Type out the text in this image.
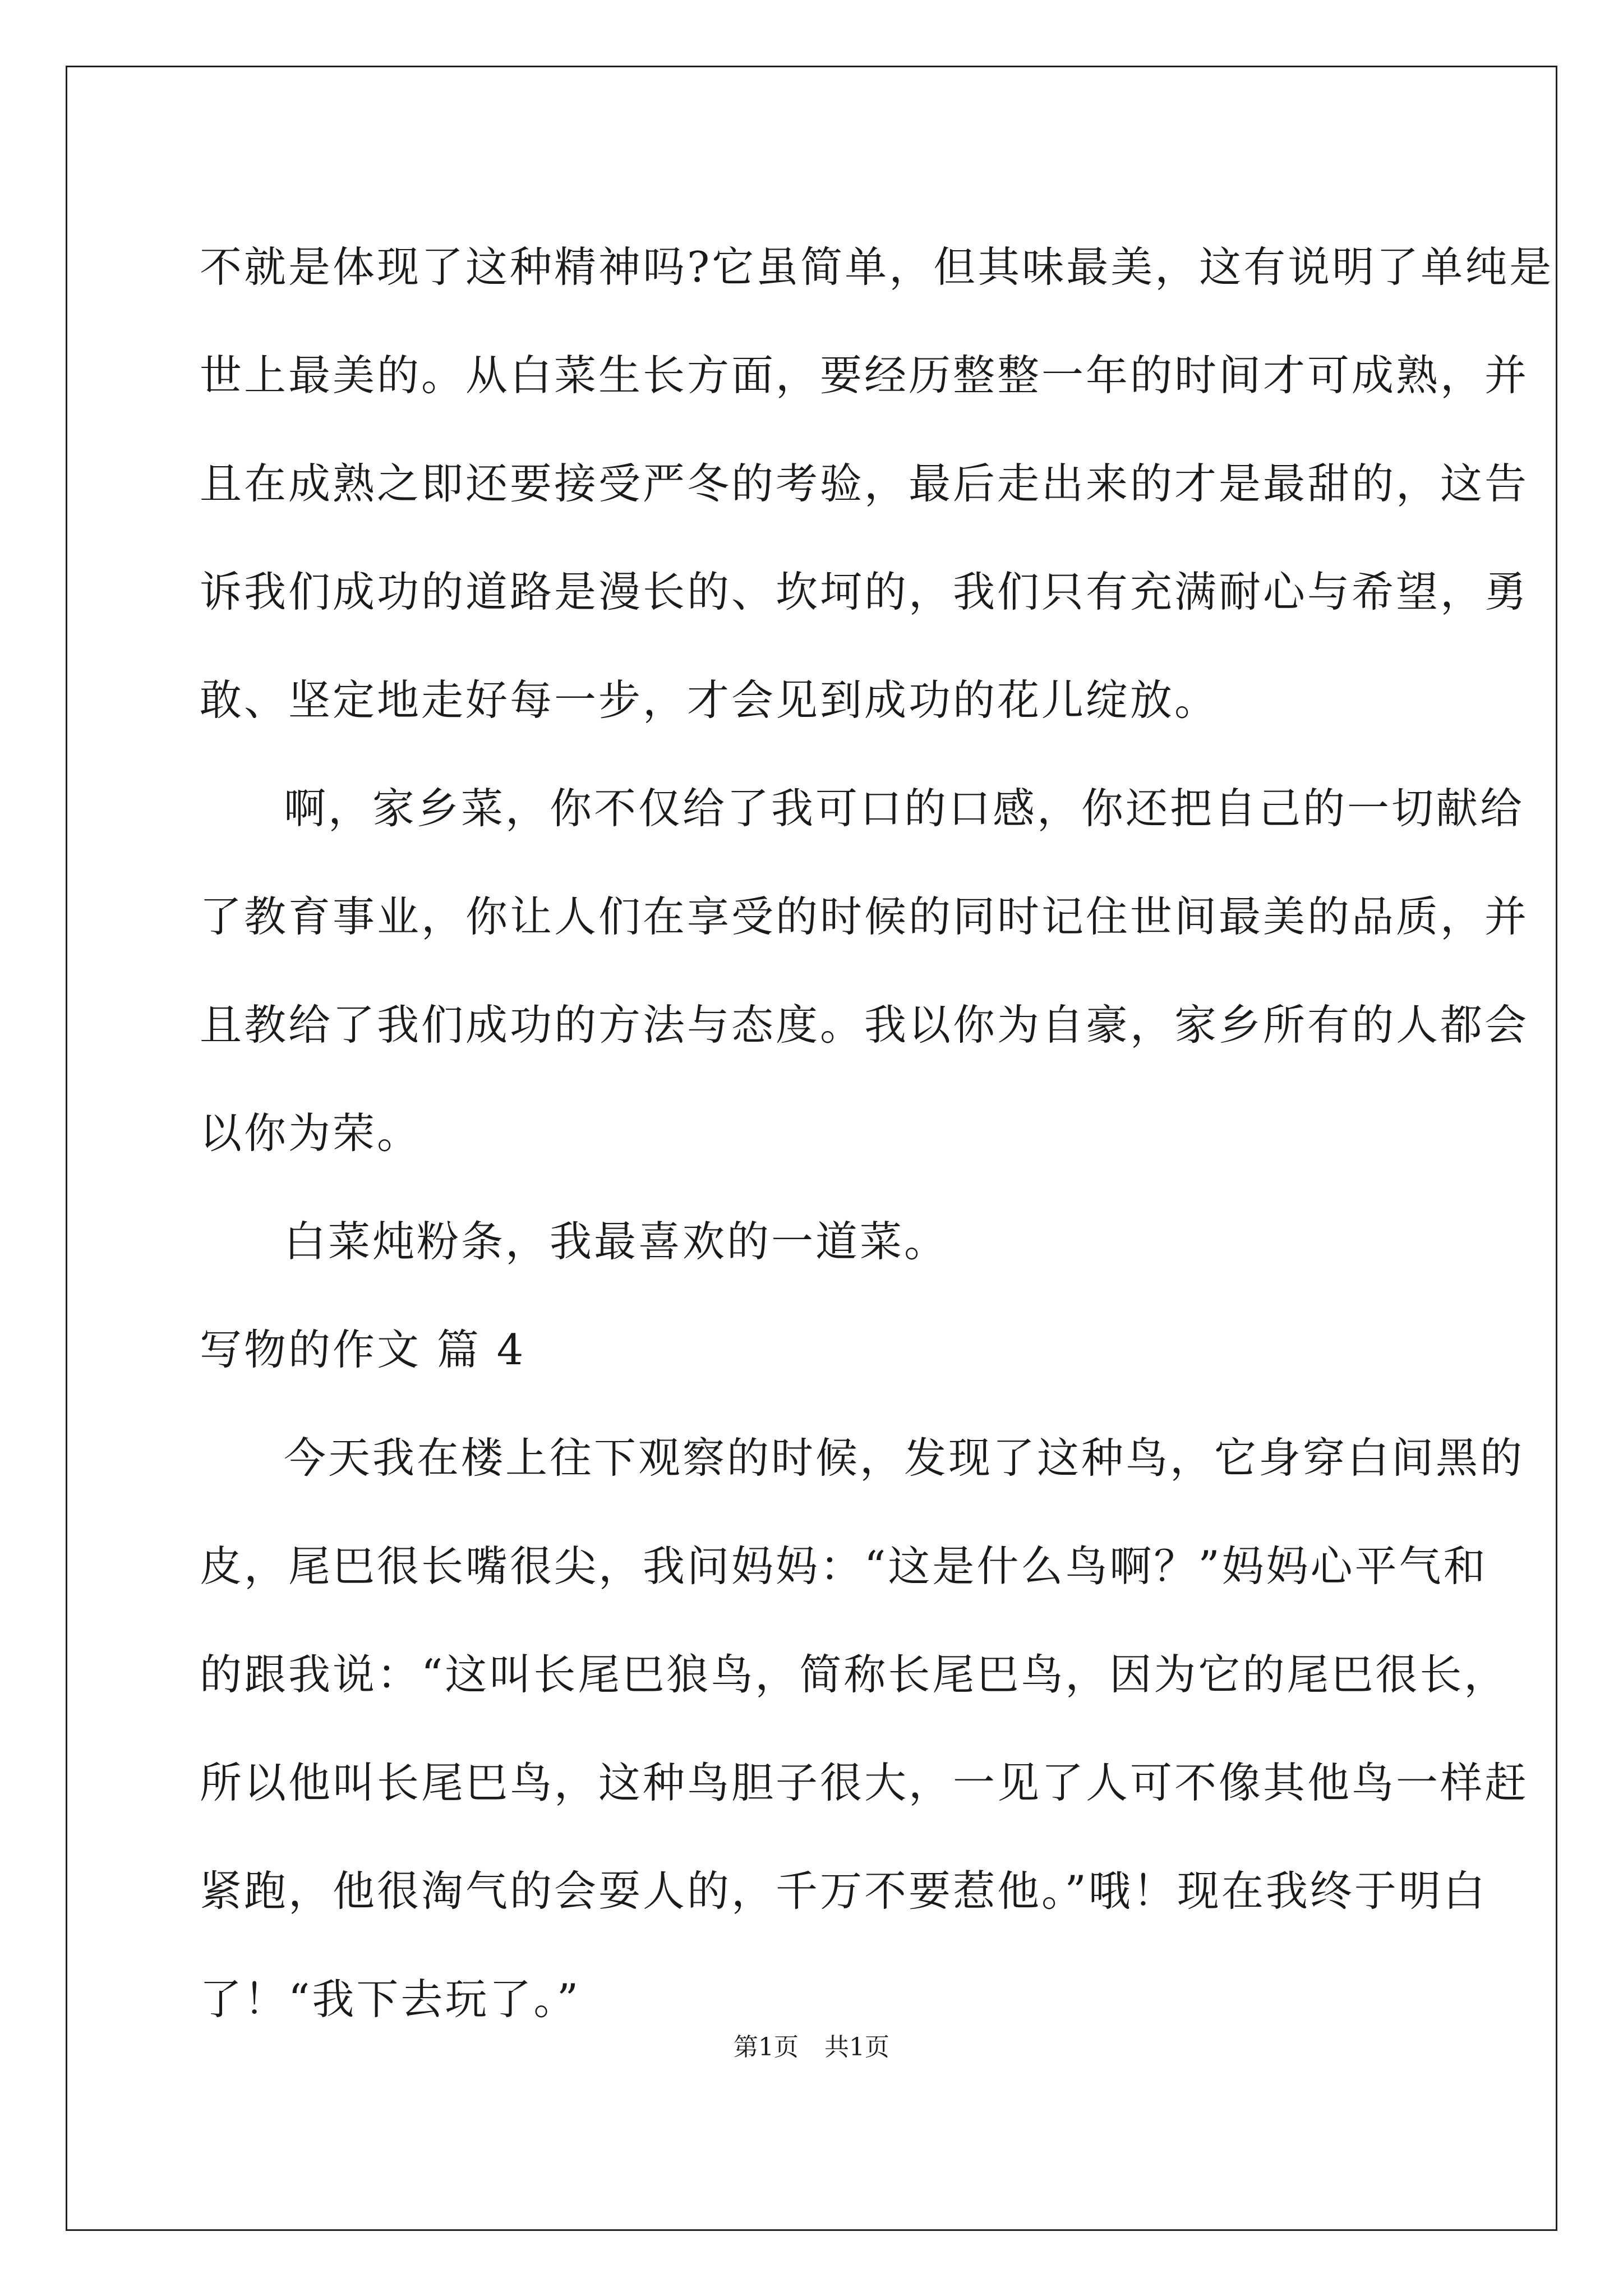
不就是体现了这种精神吗?它虽简单，但其味最美，这有说明了单纯是
世上最美的。从白菜生长方面，要经历整整一年的时间才可成熟，并
且在成熟之即还要接受严冬的考验，最后走出来的才是最甜的，这告
诉我们成功的道路是漫长的、坎坷的，我们只有充满耐心与希望，勇
敢、坚定地走好每一步，才会见到成功的花儿绽放。
啊，家乡菜，你不仅给了我可口的口感，你还把自己的一切献给
了教育事业，你让人们在享受的时候的同时记住世间最美的品质，并
且教给了我们成功的方法与态度。我以你为自豪，家乡所有的人都会
以你为荣。
白菜炖粉条，我最喜欢的一道菜。
写物的作文 篇 4
今天我在楼上往下观察的时候，发现了这种鸟，它身穿白间黑的
皮，尾巴很长嘴很尖，我问妈妈：“这是什么鸟啊？”妈妈心平气和
的跟我说：“这叫长尾巴狼鸟，简称长尾巴鸟，因为它的尾巴很长，
所以他叫长尾巴鸟，这种鸟胆子很大，一见了人可不像其他鸟一样赶
紧跑，他很淘气的会耍人的，千万不要惹他。”哦！现在我终于明白
了！“我下去玩了。”
第1页 共1页
